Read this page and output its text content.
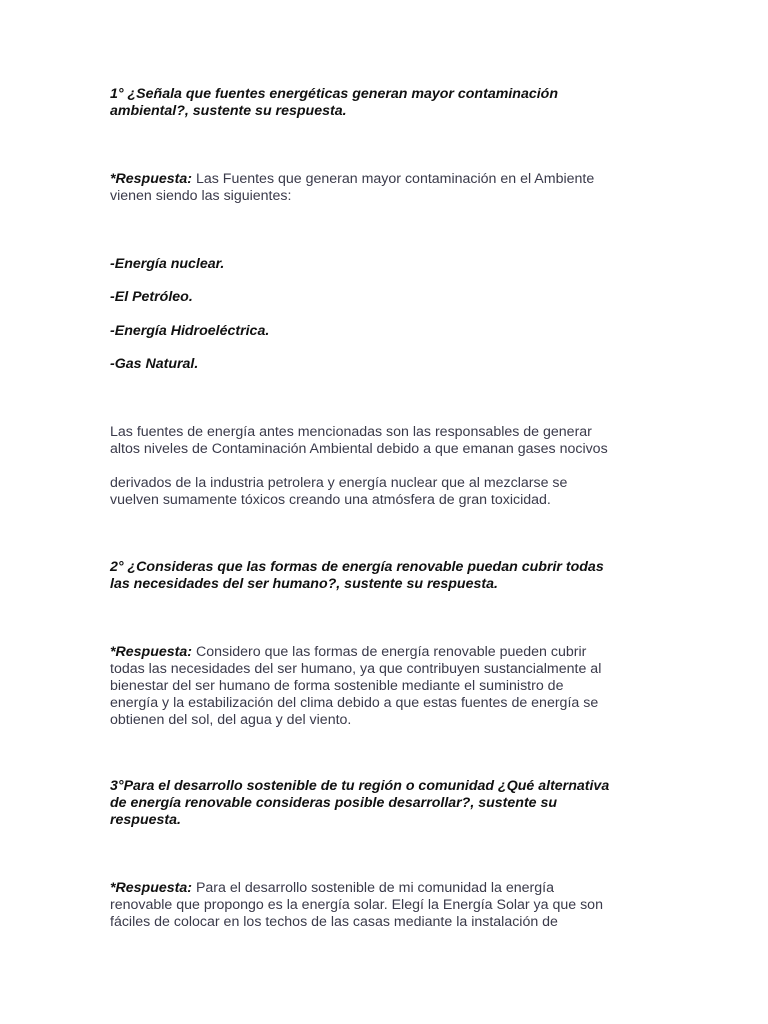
1° ¿Señala que fuentes energéticas generan mayor contaminación
ambiental?, sustente su respuesta.
*Respuesta: Las Fuentes que generan mayor contaminación en el Ambiente
vienen siendo las siguientes:
-Energía nuclear.
-El Petróleo.
-Energía Hidroeléctrica.
-Gas Natural.
Las fuentes de energía antes mencionadas son las responsables de generar
altos niveles de Contaminación Ambiental debido a que emanan gases nocivos
derivados de la industria petrolera y energía nuclear que al mezclarse se
vuelven sumamente tóxicos creando una atmósfera de gran toxicidad.
2° ¿Consideras que las formas de energía renovable puedan cubrir todas
las necesidades del ser humano?, sustente su respuesta.
*Respuesta: Considero que las formas de energía renovable pueden cubrir
todas las necesidades del ser humano, ya que contribuyen sustancialmente al
bienestar del ser humano de forma sostenible mediante el suministro de
energía y la estabilización del clima debido a que estas fuentes de energía se
obtienen del sol, del agua y del viento.
3°Para el desarrollo sostenible de tu región o comunidad ¿Qué alternativa
de energía renovable consideras posible desarrollar?, sustente su
respuesta.
*Respuesta: Para el desarrollo sostenible de mi comunidad la energía
renovable que propongo es la energía solar. Elegí la Energía Solar ya que son
fáciles de colocar en los techos de las casas mediante la instalación de
